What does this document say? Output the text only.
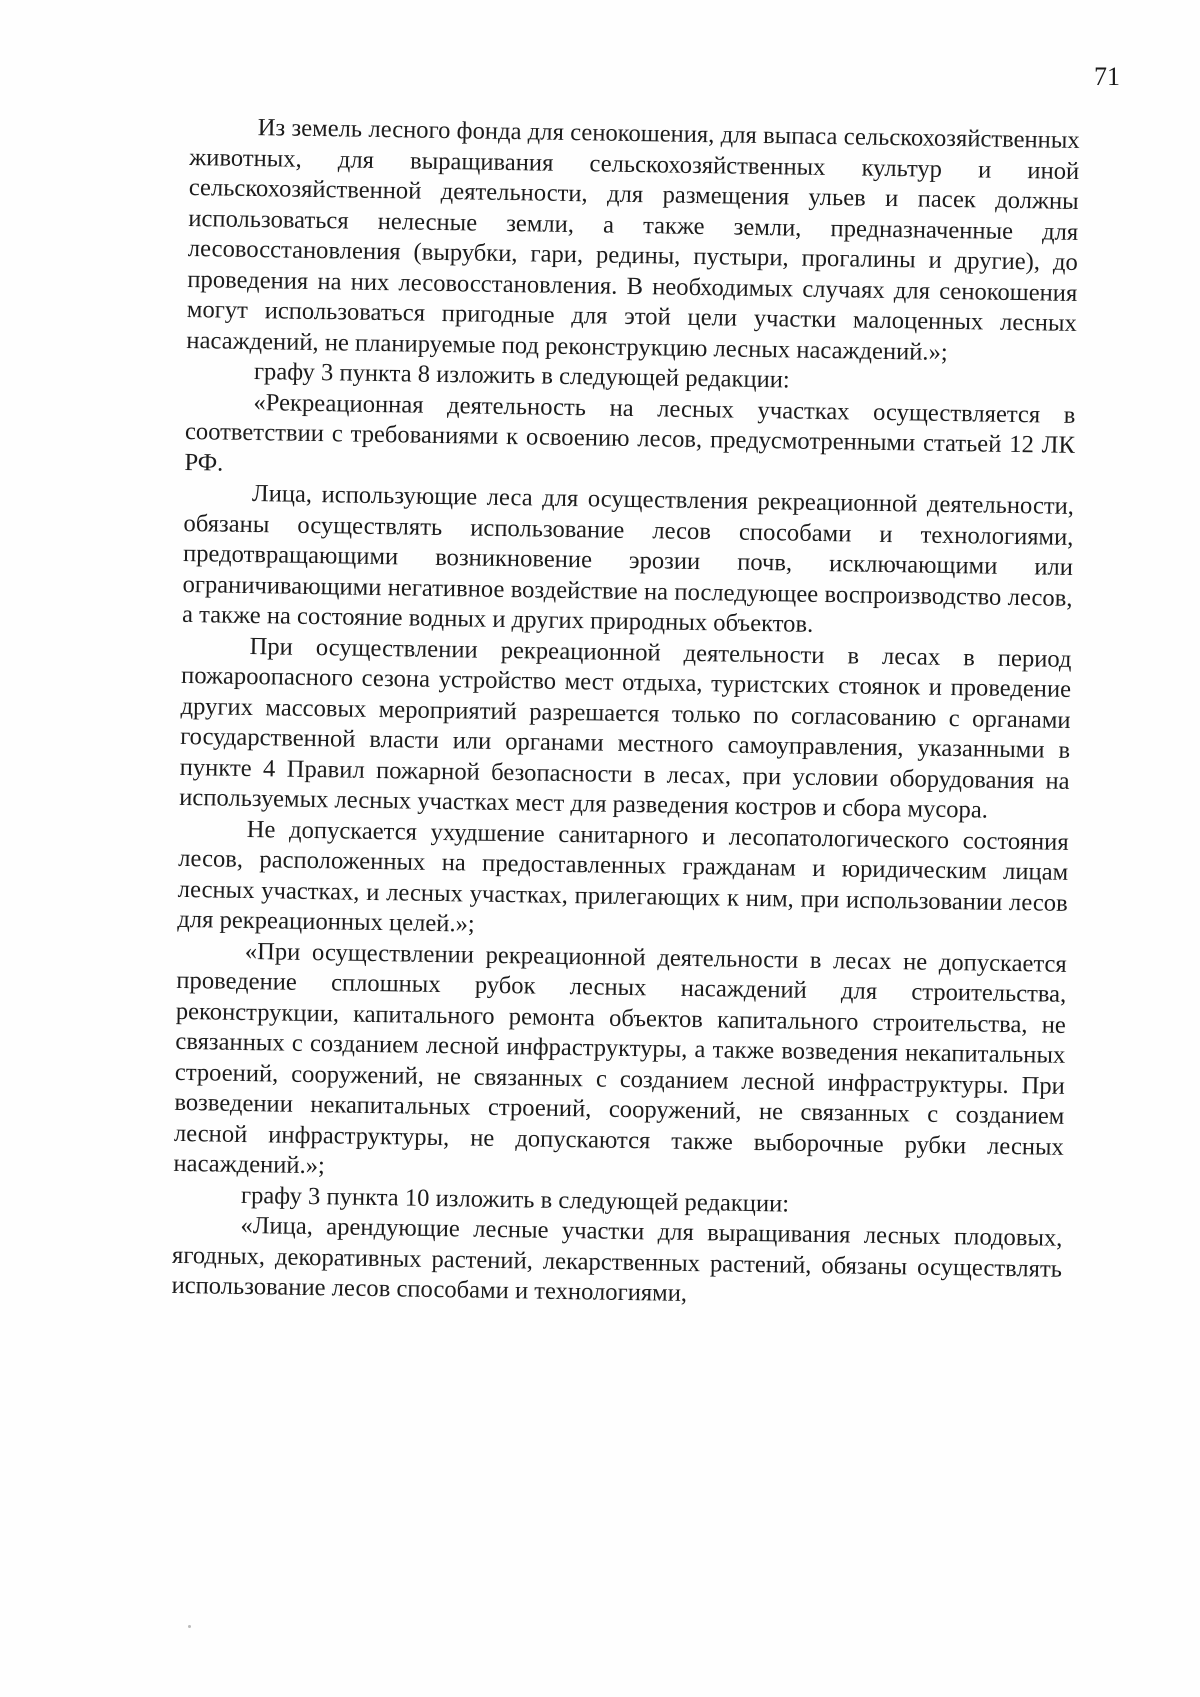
71

Из земель лесного фонда для сенокошения, для выпаса сельскохозяйственных животных, для выращивания сельскохозяйственных культур и иной сельскохозяйственной деятельности, для размещения ульев и пасек должны использоваться нелесные земли, а также земли, предназначенные для лесовосстановления (вырубки, гари, редины, пустыри, прогалины и другие), до проведения на них лесовосстановления. В необходимых случаях для сенокошения могут использоваться пригодные для этой цели участки малоценных лесных насаждений, не планируемые под реконструкцию лесных насаждений.»;

графу 3 пункта 8 изложить в следующей редакции:

«Рекреационная деятельность на лесных участках осуществляется в соответствии с требованиями к освоению лесов, предусмотренными статьей 12 ЛК РФ.

Лица, использующие леса для осуществления рекреационной деятельности, обязаны осуществлять использование лесов способами и технологиями, предотвращающими возникновение эрозии почв, исключающими или ограничивающими негативное воздействие на последующее воспроизводство лесов, а также на состояние водных и других природных объектов.

При осуществлении рекреационной деятельности в лесах в период пожароопасного сезона устройство мест отдыха, туристских стоянок и проведение других массовых мероприятий разрешается только по согласованию с органами государственной власти или органами местного самоуправления, указанными в пункте 4 Правил пожарной безопасности в лесах, при условии оборудования на используемых лесных участках мест для разведения костров и сбора мусора.

Не допускается ухудшение санитарного и лесопатологического состояния лесов, расположенных на предоставленных гражданам и юридическим лицам лесных участках, и лесных участках, прилегающих к ним, при использовании лесов для рекреационных целей.»;

«При осуществлении рекреационной деятельности в лесах не допускается проведение сплошных рубок лесных насаждений для строительства, реконструкции, капитального ремонта объектов капитального строительства, не связанных с созданием лесной инфраструктуры, а также возведения некапитальных строений, сооружений, не связанных с созданием лесной инфраструктуры. При возведении некапитальных строений, сооружений, не связанных с созданием лесной инфраструктуры, не допускаются также выборочные рубки лесных насаждений.»;

графу 3 пункта 10 изложить в следующей редакции:

«Лица, арендующие лесные участки для выращивания лесных плодовых, ягодных, декоративных растений, лекарственных растений, обязаны осуществлять использование лесов способами и технологиями,
